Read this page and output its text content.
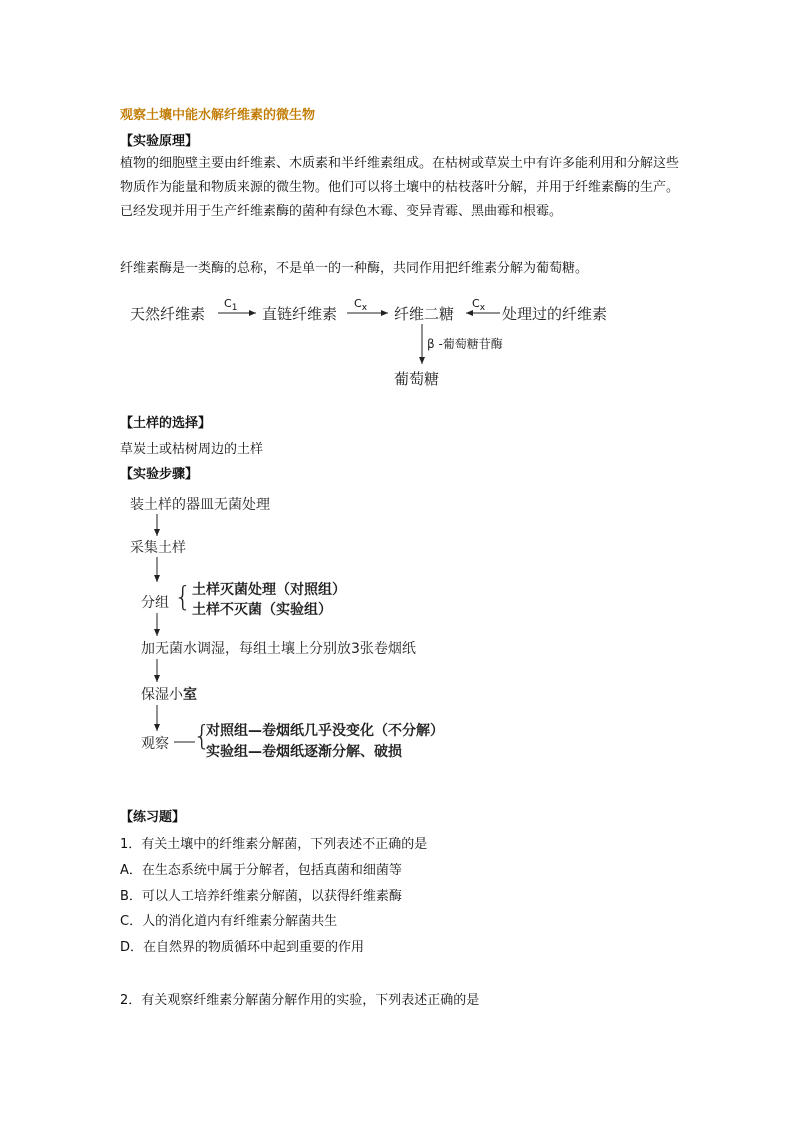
观察土壤中能水解纤维素的微生物
【实验原理】
植物的细胞壁主要由纤维素、木质素和半纤维素组成。在枯树或草炭土中有许多能利用和分解这些物质作为能量和物质来源的微生物。他们可以将土壤中的枯枝落叶分解，并用于纤维素酶的生产。已经发现并用于生产纤维素酶的菌种有绿色木霉、变异青霉、黑曲霉和根霉。
纤维素酶是一类酶的总称，不是单一的一种酶，共同作用把纤维素分解为葡萄糖。
天然纤维素
$C_1$ 直链纤维素
$C_x$ 纤维二糖
$C_x$ 处理过的纤维素
β -葡萄糖苷酶
葡萄糖
【土样的选择】
草炭土或枯树周边的土样
【实验步骤】
装土样的器皿无菌处理
采集土样
分组 { 土样灭菌处理（对照组）
土样不灭菌（实验组）
加无菌水调湿，每组土壤上分别放3张卷烟纸
保湿小室
观察 {
对照组—卷烟纸几乎没变化（不分解）
实验组—卷烟纸逐渐分解、破损
【练习题】
1．有关土壤中的纤维素分解菌，下列表述不正确的是
A．在生态系统中属于分解者，包括真菌和细菌等
B．可以人工培养纤维素分解菌，以获得纤维素酶
C．人的消化道内有纤维素分解菌共生
D．在自然界的物质循环中起到重要的作用
2．有关观察纤维素分解菌分解作用的实验，下列表述正确的是
